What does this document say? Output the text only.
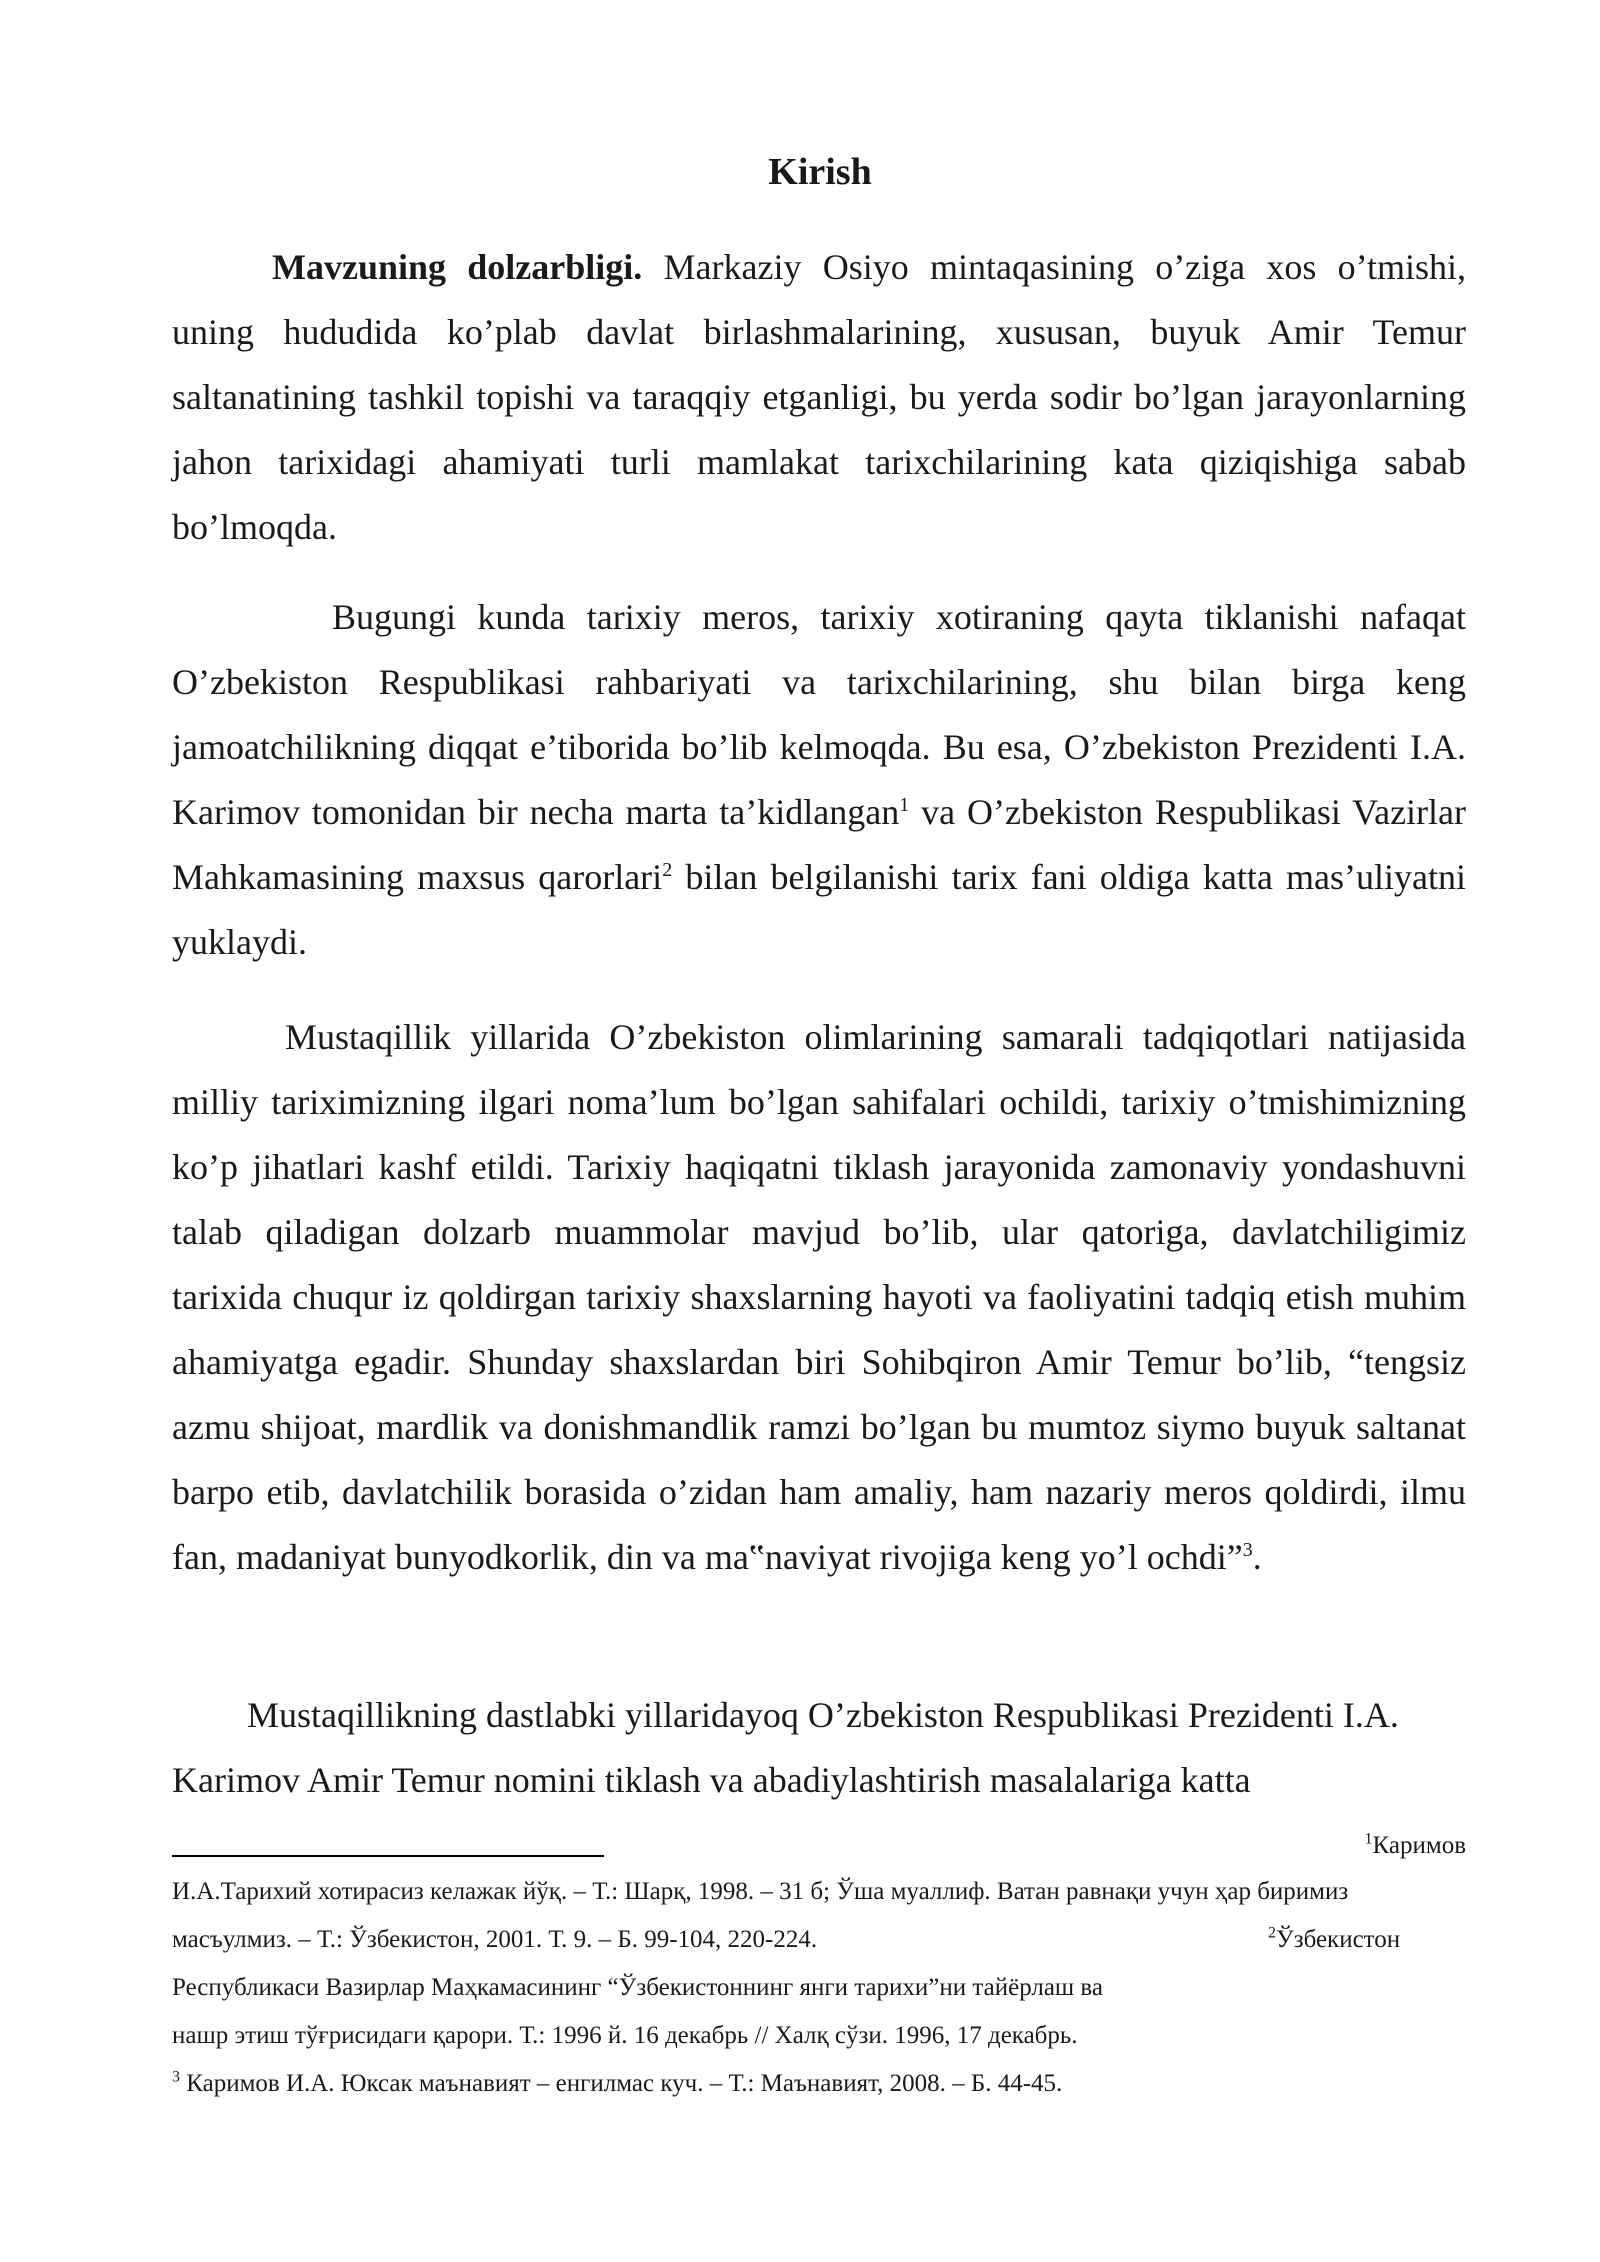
Kirish

Mavzuning dolzarbligi. Markaziy Osiyo mintaqasining o’ziga xos o’tmishi, uning hududida ko’plab davlat birlashmalarining, xususan, buyuk Amir Temur saltanatining tashkil topishi va taraqqiy etganligi, bu yerda sodir bo’lgan jarayonlarning jahon tarixidagi ahamiyati turli mamlakat tarixchilarining kata qiziqishiga sabab bo’lmoqda.

Bugungi kunda tarixiy meros, tarixiy xotiraning qayta tiklanishi nafaqat O’zbekiston Respublikasi rahbariyati va tarixchilarining, shu bilan birga keng jamoatchilikning diqqat e’tiborida bo’lib kelmoqda. Bu esa, O’zbekiston Prezidenti I.A. Karimov tomonidan bir necha marta ta’kidlangan$^1$ va O’zbekiston Respublikasi Vazirlar Mahkamasining maxsus qarorlari$^2$ bilan belgilanishi tarix fani oldiga katta mas’uliyatni yuklaydi.

Mustaqillik yillarida O’zbekiston olimlarining samarali tadqiqotlari natijasida milliy tariximizning ilgari noma’lum bo’lgan sahifalari ochildi, tarixiy o’tmishimizning ko’p jihatlari kashf etildi. Tarixiy haqiqatni tiklash jarayonida zamonaviy yondashuvni talab qiladigan dolzarb muammolar mavjud bo’lib, ular qatoriga, davlatchiligimiz tarixida chuqur iz qoldirgan tarixiy shaxslarning hayoti va faoliyatini tadqiq etish muhim ahamiyatga egadir. Shunday shaxslardan biri Sohibqiron Amir Temur bo’lib, “tengsiz azmu shijoat, mardlik va donishmandlik ramzi bo’lgan bu mumtoz siymo buyuk saltanat barpo etib, davlatchilik borasida o’zidan ham amaliy, ham nazariy meros qoldirdi, ilmu fan, madaniyat bunyodkorlik, din va ma‟naviyat rivojiga keng yo’l ochdi”$^3$.

Mustaqillikning dastlabki yillaridayoq O’zbekiston Respublikasi Prezidenti I.A. Karimov Amir Temur nomini tiklash va abadiylashtirish masalalariga katta

$^1$Каримов
И.А.Тарихий хотирасиз келажак йўқ. – Т.: Шарқ, 1998. – 31 б; Ўша муаллиф. Ватан равнақи учун ҳар биримиз
масъулмиз. – Т.: Ўзбекистон, 2001. Т. 9. – Б. 99-104, 220-224.	$^2$Ўзбекистон
Республикаси Вазирлар Маҳкамасининг “Ўзбекистоннинг янги тарихи”ни тайёрлаш ва
нашр этиш тўғрисидаги қарори. Т.: 1996 й. 16 декабрь // Халқ сўзи. 1996, 17 декабрь.
$^3$ Каримов И.А. Юксак маънавият – енгилмас куч. – Т.: Маънавият, 2008. – Б. 44-45.
